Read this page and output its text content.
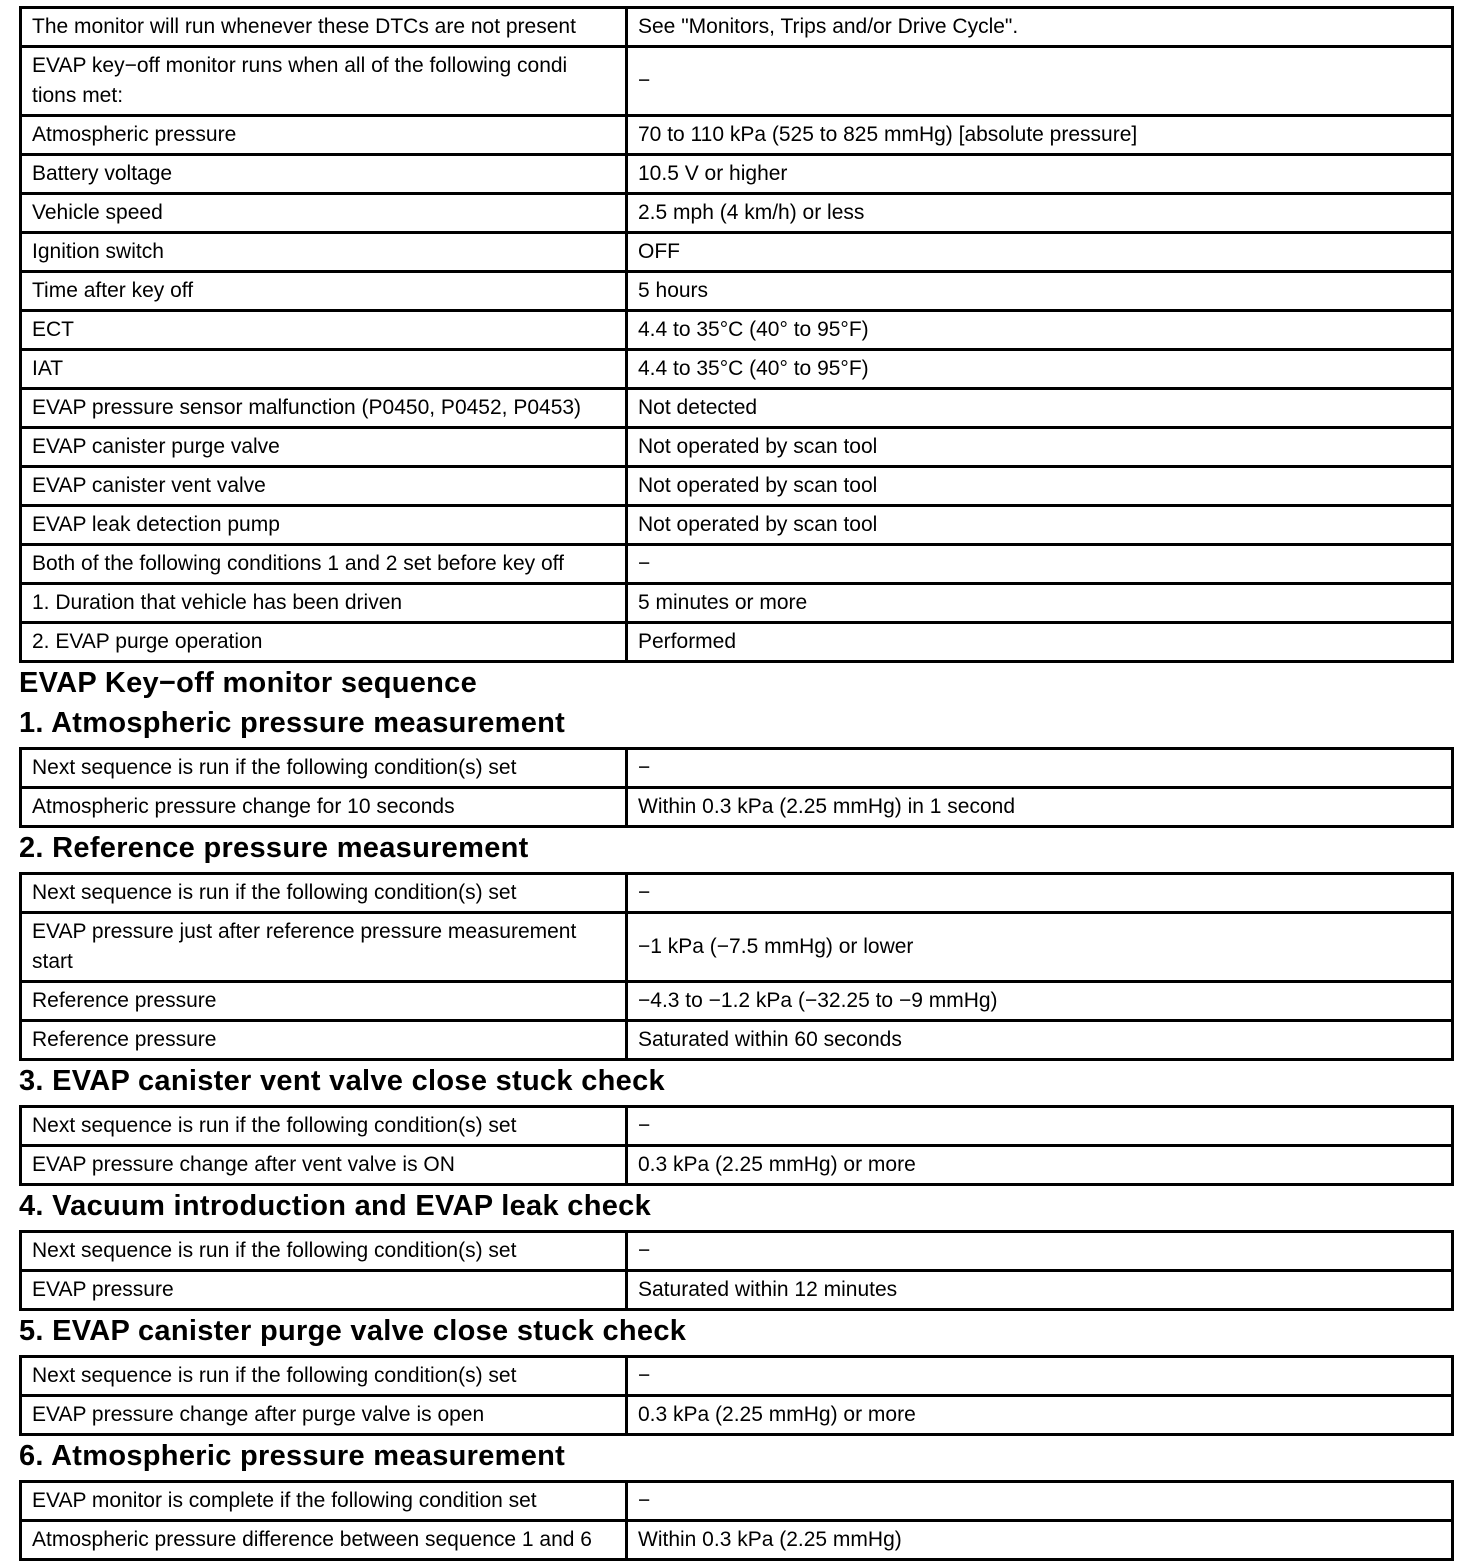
The monitor will run whenever these DTCs are not present	See "Monitors, Trips and/or Drive Cycle".
EVAP key−off monitor runs when all of the following condi tions met:	−
Atmospheric pressure	70 to 110 kPa (525 to 825 mmHg) [absolute pressure]
Battery voltage	10.5 V or higher
Vehicle speed	2.5 mph (4 km/h) or less
Ignition switch	OFF
Time after key off	5 hours
ECT	4.4 to 35°C (40° to 95°F)
IAT	4.4 to 35°C (40° to 95°F)
EVAP pressure sensor malfunction (P0450, P0452, P0453)	Not detected
EVAP canister purge valve	Not operated by scan tool
EVAP canister vent valve	Not operated by scan tool
EVAP leak detection pump	Not operated by scan tool
Both of the following conditions 1 and 2 set before key off	−
1. Duration that vehicle has been driven	5 minutes or more
2. EVAP purge operation	Performed
EVAP Key−off monitor sequence
1. Atmospheric pressure measurement
Next sequence is run if the following condition(s) set	−
Atmospheric pressure change for 10 seconds	Within 0.3 kPa (2.25 mmHg) in 1 second
2. Reference pressure measurement
Next sequence is run if the following condition(s) set	−
EVAP pressure just after reference pressure measurement start	−1 kPa (−7.5 mmHg) or lower
Reference pressure	−4.3 to −1.2 kPa (−32.25 to −9 mmHg)
Reference pressure	Saturated within 60 seconds
3. EVAP canister vent valve close stuck check
Next sequence is run if the following condition(s) set	−
EVAP pressure change after vent valve is ON	0.3 kPa (2.25 mmHg) or more
4. Vacuum introduction and EVAP leak check
Next sequence is run if the following condition(s) set	−
EVAP pressure	Saturated within 12 minutes
5. EVAP canister purge valve close stuck check
Next sequence is run if the following condition(s) set	−
EVAP pressure change after purge valve is open	0.3 kPa (2.25 mmHg) or more
6. Atmospheric pressure measurement
EVAP monitor is complete if the following condition set	−
Atmospheric pressure difference between sequence 1 and 6	Within 0.3 kPa (2.25 mmHg)
